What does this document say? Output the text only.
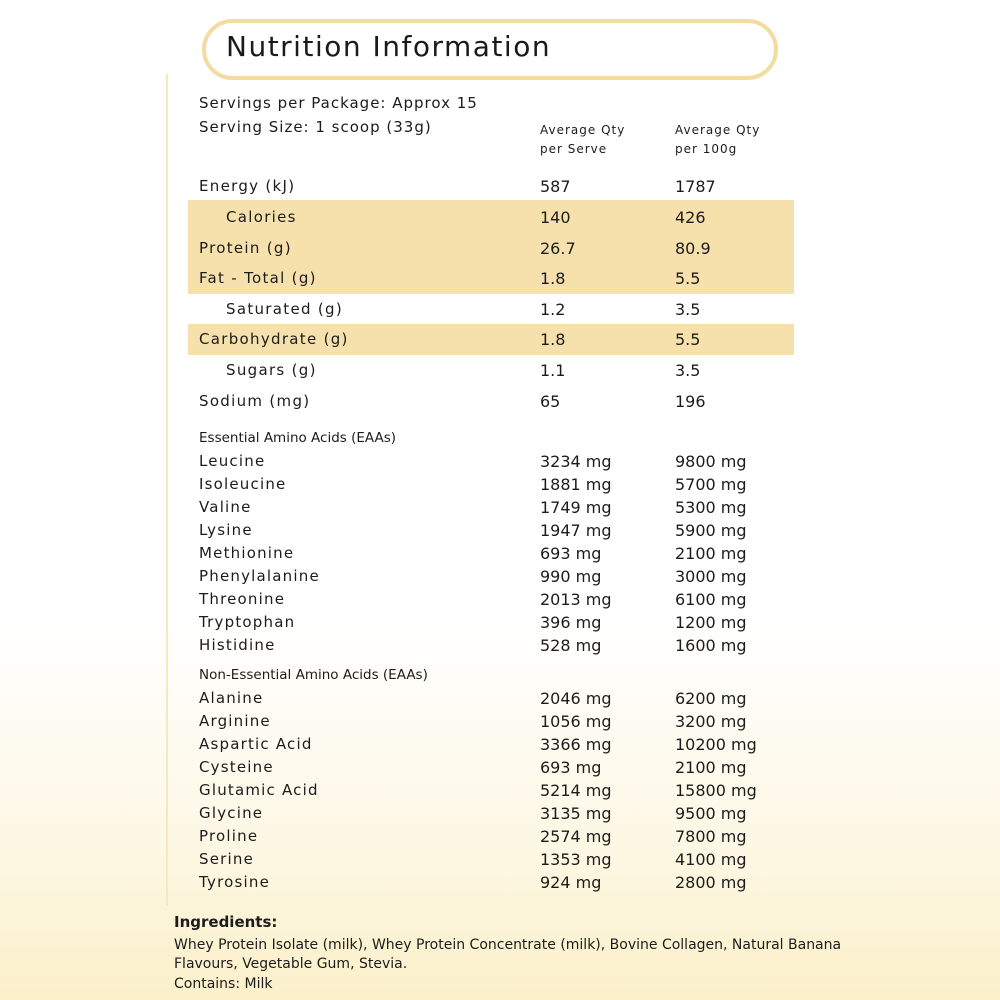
Nutrition Information
Servings per Package: Approx 15
Serving Size: 1 scoop (33g)	Average Qty
per Serve
Average Qty
per 100g
Energy (kJ)	587	1787
Calories	140	426
Protein (g)	26.7	80.9
Fat - Total (g)	1.8	5.5
Saturated (g)	1.2	3.5
Carbohydrate (g)	1.8	5.5
Sugars (g)	1.1	3.5
Sodium (mg)	65	196
Essential Amino Acids (EAAs)
Leucine	3234 mg	9800 mg
Isoleucine	1881 mg	5700 mg
Valine	1749 mg	5300 mg
Lysine	1947 mg	5900 mg
Methionine	693 mg	2100 mg
Phenylalanine	990 mg	3000 mg
Threonine	2013 mg	6100 mg
Tryptophan	396 mg	1200 mg
Histidine	528 mg	1600 mg
Non-Essential Amino Acids (EAAs)
Alanine	2046 mg	6200 mg
Arginine	1056 mg	3200 mg
Aspartic Acid	3366 mg	10200 mg
Cysteine	693 mg	2100 mg
Glutamic Acid	5214 mg	15800 mg
Glycine	3135 mg	9500 mg
Proline	2574 mg	7800 mg
Serine	1353 mg	4100 mg
Tyrosine	924 mg	2800 mg
Ingredients:
Whey Protein Isolate (milk), Whey Protein Concentrate (milk), Bovine Collagen, Natural Banana Flavours, Vegetable Gum, Stevia.
Contains: Milk
